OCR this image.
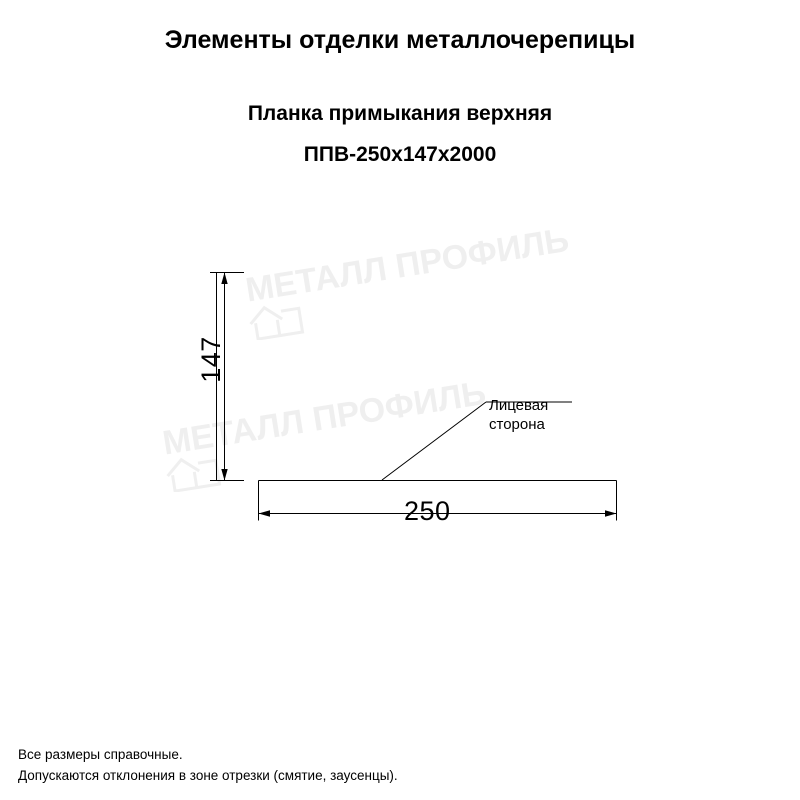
Элементы отделки металлочерепицы
Планка примыкания верхняя
ППВ-250x147x2000
МЕТАЛЛ ПРОФИЛЬ
МЕТАЛЛ ПРОФИЛЬ
147
250
Лицевая
сторона
Все размеры справочные.
Допускаются отклонения в зоне отрезки (смятие, заусенцы).
